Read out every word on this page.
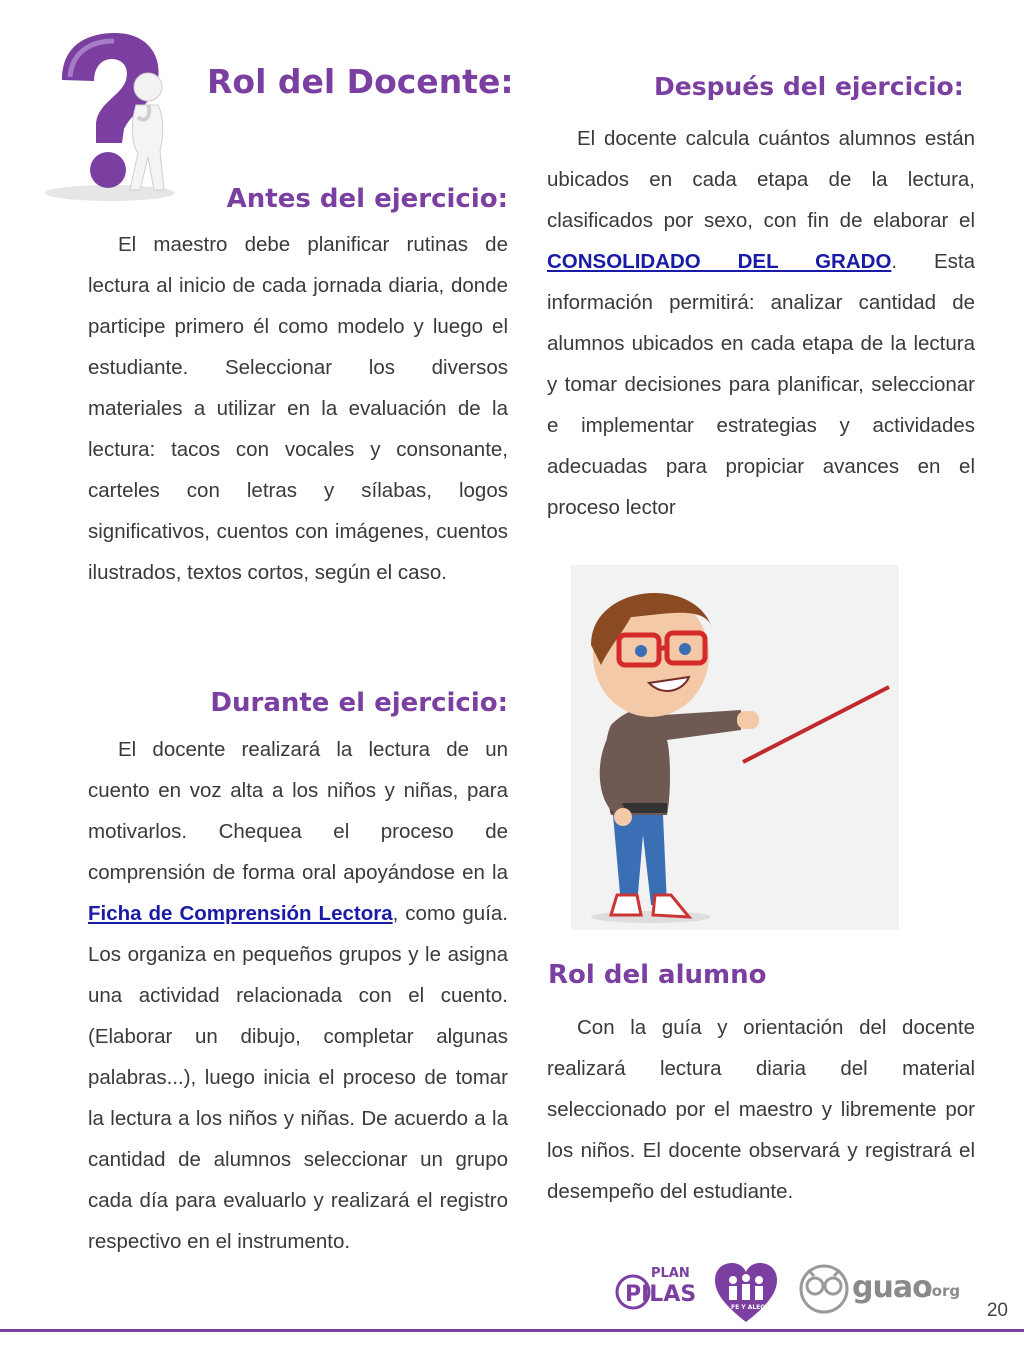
Rol del Docente:
Antes del ejercicio:

El maestro debe planificar rutinas de lectura al inicio de cada jornada diaria, donde participe primero él como modelo y luego el estudiante. Seleccionar los diversos materiales a utilizar en la evaluación de la lectura: tacos con vocales y consonante, carteles con letras y sílabas, logos significativos, cuentos con imágenes, cuentos ilustrados, textos cortos, según el caso.

Durante el ejercicio:

El docente realizará la lectura de un cuento en voz alta a los niños y niñas, para motivarlos. Chequea el proceso de comprensión de forma oral apoyándose en la Ficha de Comprensión Lectora, como guía. Los organiza en pequeños grupos y le asigna una actividad relacionada con el cuento. (Elaborar un dibujo, completar algunas palabras...), luego inicia el proceso de tomar la lectura a los niños y niñas. De acuerdo a la cantidad de alumnos seleccionar un grupo cada día para evaluarlo y realizará el registro respectivo en el instrumento.

Después del ejercicio:

El docente calcula cuántos alumnos están ubicados en cada etapa de la lectura, clasificados por sexo, con fin de elaborar el CONSOLIDADO DEL GRADO. Esta información permitirá: analizar cantidad de alumnos ubicados en cada etapa de la lectura y tomar decisiones para planificar, seleccionar e implementar estrategias y actividades adecuadas para propiciar avances en el proceso lector

Rol del alumno

Con la guía y orientación del docente realizará lectura diaria del material seleccionado por el maestro y libremente por los niños. El docente observará y registrará el desempeño del estudiante.

PLAN
PILAS
FE Y ALEGRÍA
guao
.org
20
